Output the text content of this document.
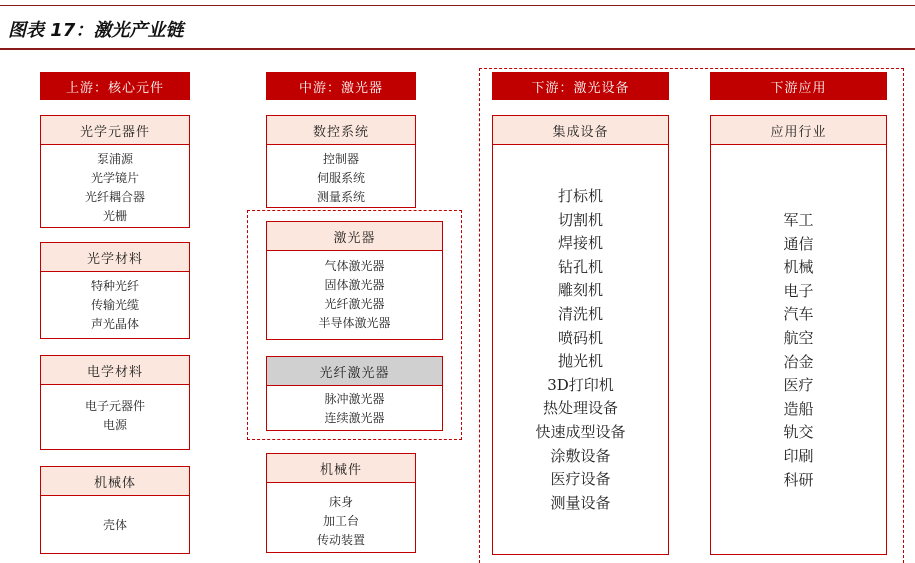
图表 17：激光产业链
上游：核心元件
光学元器件
泵浦源
光学镜片
光纤耦合器
光栅
光学材料
特种光纤
传输光缆
声光晶体
电学材料
电子元器件
电源
机械体
壳体
中游：激光器
数控系统
控制器
伺服系统
测量系统
激光器
气体激光器
固体激光器
光纤激光器
半导体激光器
光纤激光器
脉冲激光器
连续激光器
机械件
床身
加工台
传动装置
下游：激光设备
集成设备
打标机
切割机
焊接机
钻孔机
雕刻机
清洗机
喷码机
抛光机
3D打印机
热处理设备
快速成型设备
涂敷设备
医疗设备
测量设备
下游应用
应用行业
军工
通信
机械
电子
汽车
航空
冶金
医疗
造船
轨交
印刷
科研
